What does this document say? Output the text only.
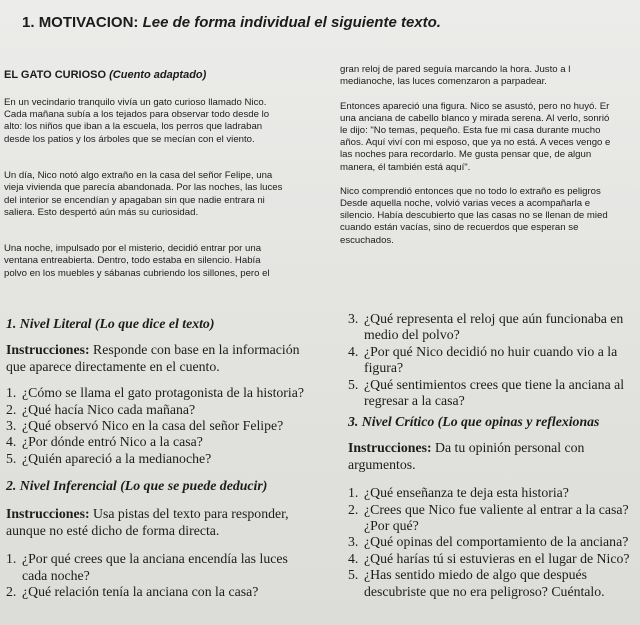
1. MOTIVACION: Lee de forma individual el siguiente texto.
EL GATO CURIOSO (Cuento adaptado)
En un vecindario tranquilo vivía un gato curioso llamado Nico.
Cada mañana subía a los tejados para observar todo desde lo
alto: los niños que iban a la escuela, los perros que ladraban
desde los patios y los árboles que se mecían con el viento.
Un día, Nico notó algo extraño en la casa del señor Felipe, una
vieja vivienda que parecía abandonada. Por las noches, las luces
del interior se encendían y apagaban sin que nadie entrara ni
saliera. Esto despertó aún más su curiosidad.
Una noche, impulsado por el misterio, decidió entrar por una
ventana entreabierta. Dentro, todo estaba en silencio. Había
polvo en los muebles y sábanas cubriendo los sillones, pero el
gran reloj de pared seguía marcando la hora. Justo a l
medianoche, las luces comenzaron a parpadear.
Entonces apareció una figura. Nico se asustó, pero no huyó. Er
una anciana de cabello blanco y mirada serena. Al verlo, sonrió
le dijo: "No temas, pequeño. Esta fue mi casa durante mucho
años. Aquí viví con mi esposo, que ya no está. A veces vengo e
las noches para recordarlo. Me gusta pensar que, de algun
manera, él también está aquí".
Nico comprendió entonces que no todo lo extraño es peligros
Desde aquella noche, volvió varias veces a acompañarla e
silencio. Había descubierto que las casas no se llenan de mied
cuando están vacías, sino de recuerdos que esperan se
escuchados.
1. Nivel Literal (Lo que dice el texto)
Instrucciones: Responde con base en la información
que aparece directamente en el cuento.
1. ¿Cómo se llama el gato protagonista de la historia?
2. ¿Qué hacía Nico cada mañana?
3. ¿Qué observó Nico en la casa del señor Felipe?
4. ¿Por dónde entró Nico a la casa?
5. ¿Quién apareció a la medianoche?
3. ¿Qué representa el reloj que aún funcionaba en
medio del polvo?
4. ¿Por qué Nico decidió no huir cuando vio a la
figura?
5. ¿Qué sentimientos crees que tiene la anciana al
regresar a la casa?
3. Nivel Crítico (Lo que opinas y reflexionas
Instrucciones: Da tu opinión personal con
argumentos.
1. ¿Qué enseñanza te deja esta historia?
2. ¿Crees que Nico fue valiente al entrar a la casa?
¿Por qué?
3. ¿Qué opinas del comportamiento de la anciana?
4. ¿Qué harías tú si estuvieras en el lugar de Nico?
5. ¿Has sentido miedo de algo que después
descubriste que no era peligroso? Cuéntalo.
2. Nivel Inferencial (Lo que se puede deducir)
Instrucciones: Usa pistas del texto para responder,
aunque no esté dicho de forma directa.
1. ¿Por qué crees que la anciana encendía las luces
cada noche?
2. ¿Qué relación tenía la anciana con la casa?
